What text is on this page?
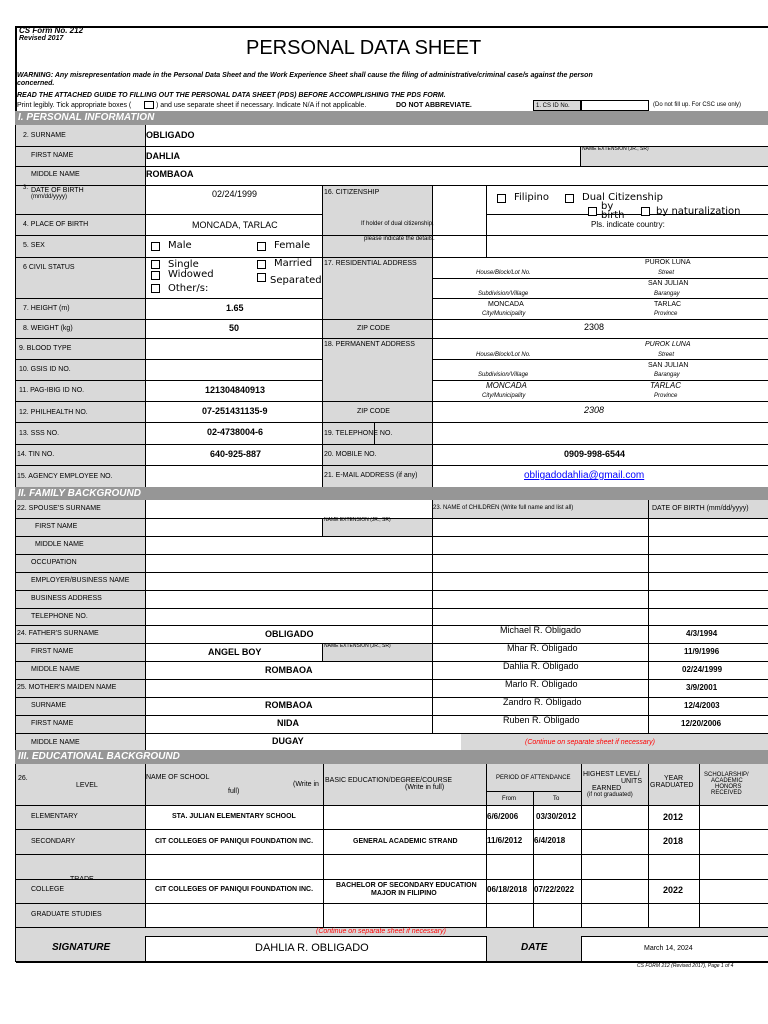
CS Form No. 212
Revised 2017	PERSONAL DATA SHEET
WARNING: Any misrepresentation made in the Personal Data Sheet and the Work Experience Sheet shall cause the filing of administrative/criminal case/s against the person
concerned.
READ THE ATTACHED GUIDE TO FILLING OUT THE PERSONAL DATA SHEET (PDS) BEFORE ACCOMPLISHING THE PDS FORM.
Print legibly. Tick appropriate boxes (	) and use separate sheet if necessary. Indicate N/A if not applicable.	DO NOT ABBREVIATE.	1. CS ID No.	(Do not fill up. For CSC use only)
I. PERSONAL INFORMATION
2. SURNAME	OBLIGADO
FIRST NAME	DAHLIA
NAME EXTENSION (JR., SR)
MIDDLE NAME	ROMBAOA
3. DATE OF BIRTH
(mm/dd/yyyy)	02/24/1999
4. PLACE OF BIRTH	MONCADA, TARLAC
5. SEX	Male	Female
6 CIVIL STATUS	Single	Married
Widowed
Separated
Other/s:
7. HEIGHT (m)	1.65
8. WEIGHT (kg)	50
9. BLOOD TYPE
10. GSIS ID NO.
11. PAG-IBIG ID NO.	121304840913
12. PHILHEALTH NO.	07-251431135-9
13. SSS NO.	02-4738004-6
14. TIN NO.	640-925-887
15. AGENCY EMPLOYEE NO.
16. CITIZENSHIP
If holder of dual citizenship,
please indicate the details.
Filipino	Dual Citizenship
by
birth	by naturalization
Pls. indicate country:
17. RESIDENTIAL ADDRESS	PUROK LUNA
House/Block/Lot No.	Street
SAN JULIAN
Subdivision/Village	Barangay
MONCADA	TARLAC
City/Municipality	Province
ZIP CODE	2308
18. PERMANENT ADDRESS	PUROK LUNA
House/Block/Lot No.	Street
SAN JULIAN
Subdivision/Village	Barangay
MONCADA	TARLAC
City/Municipality	Province
ZIP CODE	2308
19. TELEPHONE NO.
20. MOBILE NO.	0909-998-6544
21. E-MAIL ADDRESS (if any)	obligadodahlia@gmail.com
II. FAMILY BACKGROUND
22. SPOUSE'S SURNAME
FIRST NAME
NAME EXTENSION (JR., SR)
MIDDLE NAME
OCCUPATION
EMPLOYER/BUSINESS NAME
BUSINESS ADDRESS
TELEPHONE NO.
23. NAME of CHILDREN (Write full name and list all)	DATE OF BIRTH (mm/dd/yyyy)
24. FATHER'S SURNAME	OBLIGADO
FIRST NAME	ANGEL BOY
NAME EXTENSION (JR., SR)
MIDDLE NAME	ROMBAOA
25. MOTHER'S MAIDEN NAME
SURNAME	ROMBAOA
FIRST NAME	NIDA
MIDDLE NAME	DUGAY
Michael R. Obligado	4/3/1994
Mhar R. Obligado	11/9/1996
Dahlia R. Obligado	02/24/1999
Marlo R. Obligado	3/9/2001
Zandro R. Obligado	12/4/2003
Ruben R. Obligado	12/20/2006
(Continue on separate sheet if necessary)
III. EDUCATIONAL BACKGROUND
26.
LEVEL
NAME OF SCHOOL
(Write in
full)
BASIC EDUCATION/DEGREE/COURSE
(Write in full)
PERIOD OF ATTENDANCE
From	To
HIGHEST LEVEL/
UNITS
EARNED
(if not graduated)
YEAR
GRADUATED
SCHOLARSHIP/
ACADEMIC
HONORS
RECEIVED
ELEMENTARY	STA. JULIAN ELEMENTARY SCHOOL	6/6/2006 03/30/2012	2012
SECONDARY	CIT COLLEGES OF PANIQUI FOUNDATION INC.	GENERAL ACADEMIC STRAND	11/6/2012 6/4/2018	2018
COLLEGE	CIT COLLEGES OF PANIQUI FOUNDATION INC.
BACHELOR OF SECONDARY EDUCATION
MAJOR IN FILIPINO	06/18/2018 07/22/2022	2022
GRADUATE STUDIES
(Continue on separate sheet if necessary)
SIGNATURE	DAHLIA R. OBLIGADO	DATE	March 14, 2024
CS FORM 212 (Revised 2017), Page 1 of 4
